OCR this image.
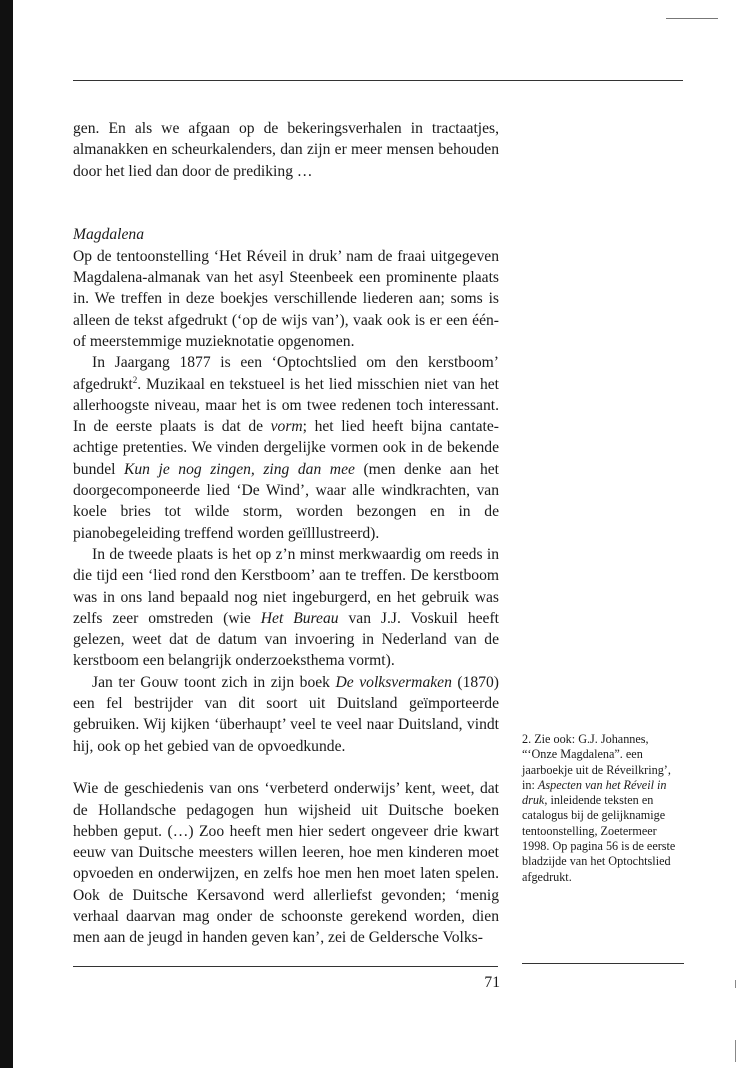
gen. En als we afgaan op de bekeringsverhalen in tractaatjes, almanakken en scheurkalenders, dan zijn er meer mensen behouden door het lied dan door de prediking …

Magdalena

Op de tentoonstelling ‘Het Réveil in druk’ nam de fraai uitgegeven Magdalena-almanak van het asyl Steenbeek een prominente plaats in. We treffen in deze boekjes verschillende liederen aan; soms is alleen de tekst afgedrukt (‘op de wijs van’), vaak ook is er een één- of meerstemmige muzieknotatie opgenomen.

In Jaargang 1877 is een ‘Optochtslied om den kerstboom’ afgedrukt$^2$. Muzikaal en tekstueel is het lied misschien niet van het allerhoogste niveau, maar het is om twee redenen toch interessant. In de eerste plaats is dat de vorm; het lied heeft bijna cantate-achtige pretenties. We vinden dergelijke vormen ook in de bekende bundel Kun je nog zingen, zing dan mee (men denke aan het doorgecomponeerde lied ‘De Wind’, waar alle windkrachten, van koele bries tot wilde storm, worden bezongen en in de pianobegeleiding treffend worden geïlllustreerd).

In de tweede plaats is het op z’n minst merkwaardig om reeds in die tijd een ‘lied rond den Kerstboom’ aan te treffen. De kerstboom was in ons land bepaald nog niet ingeburgerd, en het gebruik was zelfs zeer omstreden (wie Het Bureau van J.J. Voskuil heeft gelezen, weet dat de datum van invoering in Nederland van de kerstboom een belangrijk onderzoeksthema vormt).

Jan ter Gouw toont zich in zijn boek De volksvermaken (1870) een fel bestrijder van dit soort uit Duitsland geïmporteerde gebruiken. Wij kijken ‘überhaupt’ veel te veel naar Duitsland, vindt hij, ook op het gebied van de opvoedkunde.

Wie de geschiedenis van ons ‘verbeterd onderwijs’ kent, weet, dat de Hollandsche pedagogen hun wijsheid uit Duitsche boeken hebben geput. (…) Zoo heeft men hier sedert ongeveer drie kwart eeuw van Duitsche meesters willen leeren, hoe men kinderen moet opvoeden en onderwijzen, en zelfs hoe men hen moet laten spelen. Ook de Duitsche Kersavond werd allerliefst gevonden; ‘menig verhaal daarvan mag onder de schoonste gerekend worden, dien men aan de jeugd in handen geven kan’, zei de Geldersche Volks-

2. Zie ook: G.J. Johannes, “‘Onze Magdalena”. een jaarboekje uit de Réveilkring’, in: Aspecten van het Réveil in druk, inleidende teksten en catalogus bij de gelijknamige tentoonstelling, Zoetermeer 1998. Op pagina 56 is de eerste bladzijde van het Optochtslied afgedrukt.

71
